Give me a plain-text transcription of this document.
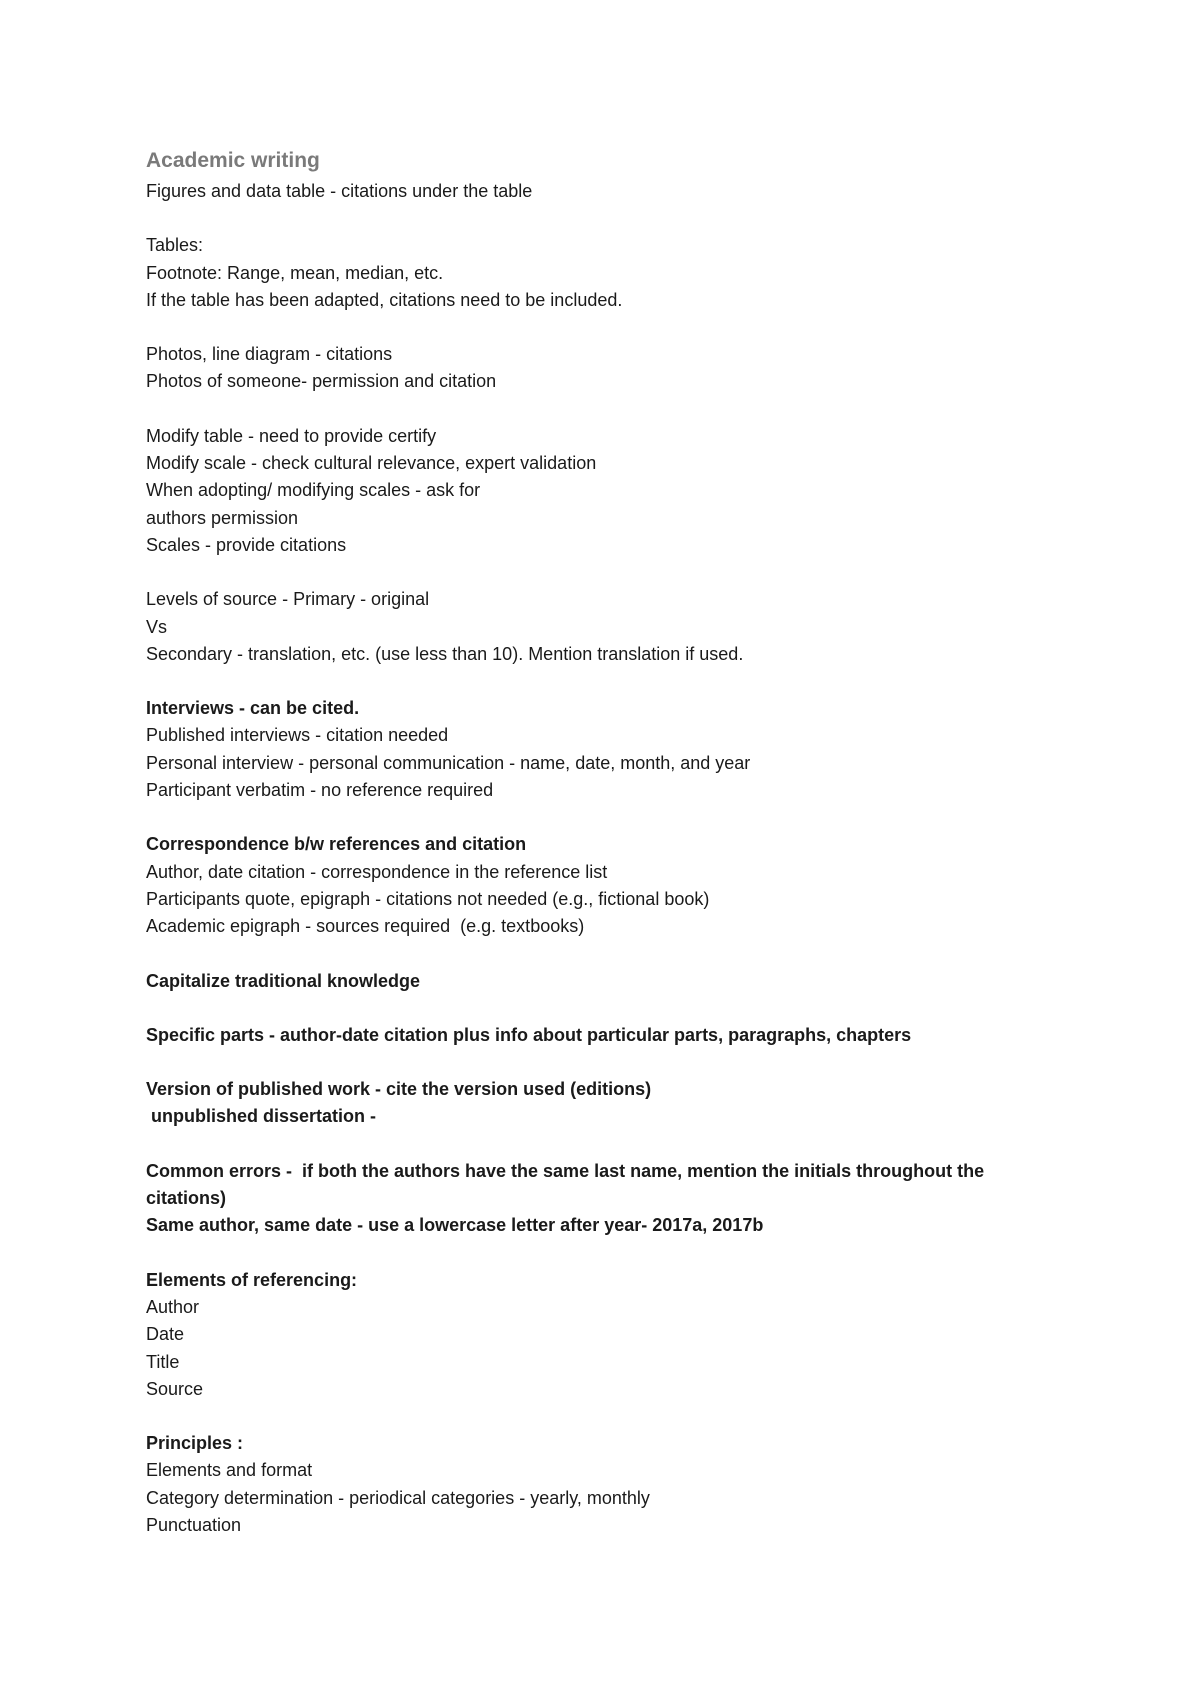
Academic writing

Figures and data table - citations under the table

Tables:

Footnote: Range, mean, median, etc.

If the table has been adapted, citations need to be included.

Photos, line diagram - citations

Photos of someone- permission and citation

Modify table - need to provide certify

Modify scale - check cultural relevance, expert validation

When adopting/ modifying scales - ask for

authors permission

Scales - provide citations

Levels of source - Primary - original

Vs

Secondary - translation, etc. (use less than 10). Mention translation if used.

Interviews - can be cited.

Published interviews - citation needed

Personal interview - personal communication - name, date, month, and year

Participant verbatim - no reference required

Correspondence b/w references and citation

Author, date citation - correspondence in the reference list

Participants quote, epigraph - citations not needed (e.g., fictional book)

Academic epigraph - sources required  (e.g. textbooks)

Capitalize traditional knowledge

Specific parts - author-date citation plus info about particular parts, paragraphs, chapters

Version of published work - cite the version used (editions)

unpublished dissertation -

Common errors -  if both the authors have the same last name, mention the initials throughout the

citations)

Same author, same date - use a lowercase letter after year- 2017a, 2017b

Elements of referencing:

Author

Date

Title

Source

Principles :

Elements and format

Category determination - periodical categories - yearly, monthly

Punctuation
